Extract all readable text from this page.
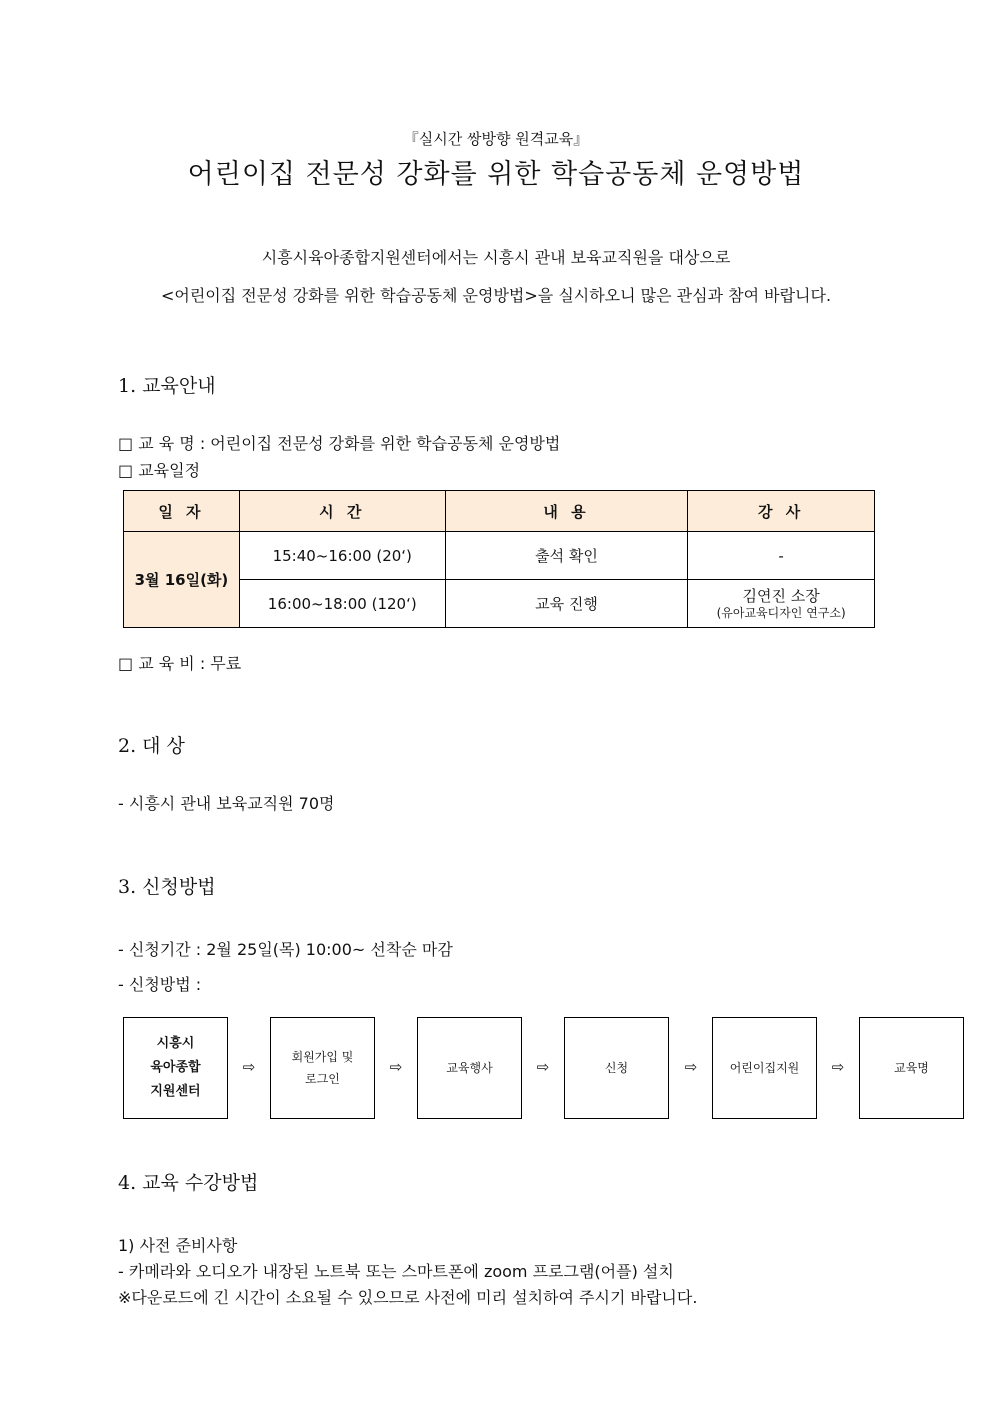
『실시간 쌍방향 원격교육』
어린이집 전문성 강화를 위한 학습공동체 운영방법
시흥시육아종합지원센터에서는 시흥시 관내 보육교직원을 대상으로
<어린이집 전문성 강화를 위한 학습공동체 운영방법>을 실시하오니 많은 관심과 참여 바랍니다.
1. 교육안내
□ 교 육 명 : 어린이집 전문성 강화를 위한 학습공동체 운영방법
□ 교육일정
일 자	시 간	내 용	강 사
3월 16일(화)	15:40~16:00 (20‘)	출석 확인	-
	16:00~18:00 (120‘)	교육 진행	김연진 소장
(유아교육디자인 연구소)
□ 교 육 비 : 무료
2. 대 상
- 시흥시 관내 보육교직원 70명
3. 신청방법
- 신청기간 : 2월 25일(목) 10:00~ 선착순 마감
- 신청방법 :
시흥시
육아종합
지원센터
⇨
회원가입 및
로그인
⇨	교육행사	⇨	신청	⇨	어린이집지원 ⇨	교육명
4. 교육 수강방법
1) 사전 준비사항
- 카메라와 오디오가 내장된 노트북 또는 스마트폰에 zoom 프로그램(어플) 설치
※다운로드에 긴 시간이 소요될 수 있으므로 사전에 미리 설치하여 주시기 바랍니다.
